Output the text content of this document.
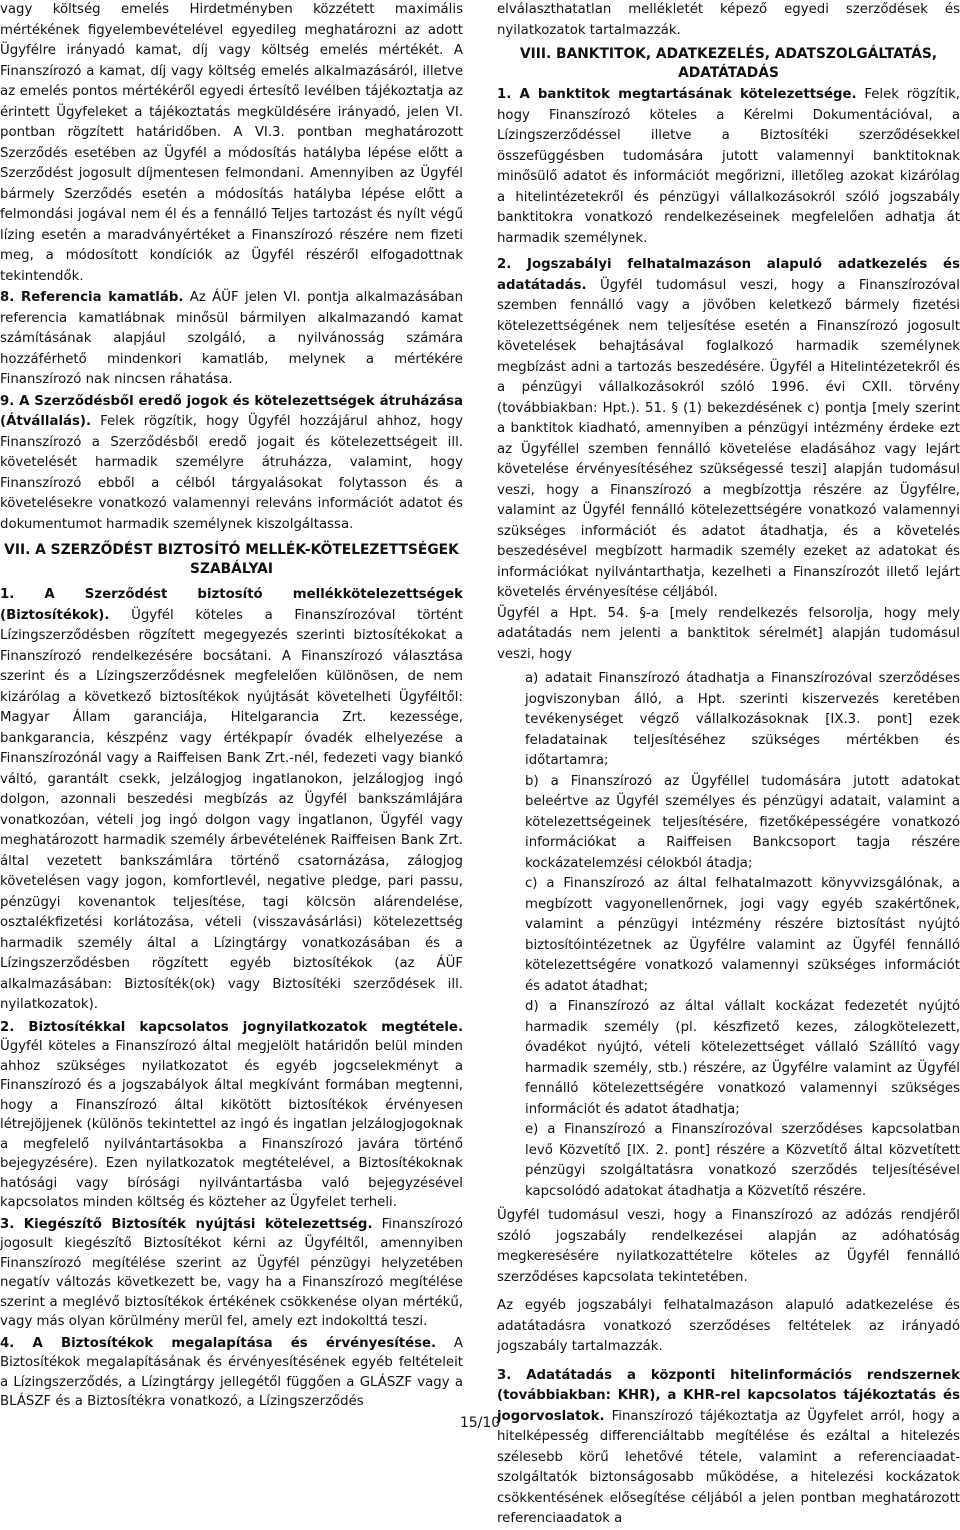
vagy költség emelés Hirdetményben közzétett maximális mértékének figyelembevételével egyedileg meghatározni az adott Ügyfélre irányadó kamat, díj vagy költség emelés mértékét. A Finanszírozó a kamat, díj vagy költség emelés alkalmazásáról, illetve az emelés pontos mértékéről egyedi értesítő levélben tájékoztatja az érintett Ügyfeleket a tájékoztatás megküldésére irányadó, jelen VI. pontban rögzített határidőben. A VI.3. pontban meghatározott Szerződés esetében az Ügyfél a módosítás hatályba lépése előtt a Szerződést jogosult díjmentesen felmondani. Amennyiben az Ügyfél bármely Szerződés esetén a módosítás hatályba lépése előtt a felmondási jogával nem él és a fennálló Teljes tartozást és nyílt végű lízing esetén a maradványértéket a Finanszírozó részére nem fizeti meg, a módosított kondíciók az Ügyfél részéről elfogadottnak tekintendők.

8. Referencia kamatláb. Az ÁÜF jelen VI. pontja alkalmazásában referencia kamatlábnak minősül bármilyen alkalmazandó kamat számításának alapjául szolgáló, a nyilvánosság számára hozzáférhető mindenkori kamatláb, melynek a mértékére Finanszírozó nak nincsen ráhatása.

9. A Szerződésből eredő jogok és kötelezettségek átruházása (Átvállalás). Felek rögzítik, hogy Ügyfél hozzájárul ahhoz, hogy Finanszírozó a Szerződésből eredő jogait és kötelezettségeit ill. követelését harmadik személyre átruházza, valamint, hogy Finanszírozó ebből a célból tárgyalásokat folytasson és a követelésekre vonatkozó valamennyi releváns információt adatot és dokumentumot harmadik személynek kiszolgáltassa.

VII. A SZERZŐDÉST BIZTOSÍTÓ MELLÉK-KÖTELEZETTSÉGEK SZABÁLYAI

1. A Szerződést biztosító mellékkötelezettségek (Biztosítékok). Ügyfél köteles a Finanszírozóval történt Lízingszerződésben rögzített megegyezés szerinti biztosítékokat a Finanszírozó rendelkezésére bocsátani. A Finanszírozó választása szerint és a Lízingszerződésnek megfelelően különösen, de nem kizárólag a következő biztosítékok nyújtását követelheti Ügyféltől: Magyar Állam garanciája, Hitelgarancia Zrt. kezessége, bankgarancia, készpénz vagy értékpapír óvadék elhelyezése a Finanszírozónál vagy a Raiffeisen Bank Zrt.-nél, fedezeti vagy biankó váltó, garantált csekk, jelzálogjog ingatlanokon, jelzálogjog ingó dolgon, azonnali beszedési megbízás az Ügyfél bankszámlájára vonatkozóan, vételi jog ingó dolgon vagy ingatlanon, Ügyfél vagy meghatározott harmadik személy árbevételének Raiffeisen Bank Zrt. által vezetett bankszámlára történő csatornázása, zálogjog követelésen vagy jogon, komfortlevél, negative pledge, pari passu, pénzügyi kovenantok teljesítése, tagi kölcsön alárendelése, osztalékfizetési korlátozása, vételi (visszavásárlási) kötelezettség harmadik személy által a Lízingtárgy vonatkozásában és a Lízingszerződésben rögzített egyéb biztosítékok (az ÁÜF alkalmazásában: Biztosíték(ok) vagy Biztosítéki szerződések ill. nyilatkozatok).

2. Biztosítékkal kapcsolatos jognyilatkozatok megtétele. Ügyfél köteles a Finanszírozó által megjelölt határidőn belül minden ahhoz szükséges nyilatkozatot és egyéb jogcselekményt a Finanszírozó és a jogszabályok által megkívánt formában megtenni, hogy a Finanszírozó által kikötött biztosítékok érvényesen létrejöjjenek (különös tekintettel az ingó és ingatlan jelzálogjogoknak a megfelelő nyilvántartásokba a Finanszírozó javára történő bejegyzésére). Ezen nyilatkozatok megtételével, a Biztosítékoknak hatósági vagy bírósági nyilvántartásba való bejegyzésével kapcsolatos minden költség és közteher az Ügyfelet terheli.

3. Kiegészítő Biztosíték nyújtási kötelezettség. Finanszírozó jogosult kiegészítő Biztosítékot kérni az Ügyféltől, amennyiben Finanszírozó megítélése szerint az Ügyfél pénzügyi helyzetében negatív változás következett be, vagy ha a Finanszírozó megítélése szerint a meglévő biztosítékok értékének csökkenése olyan mértékű, vagy más olyan körülmény merül fel, amely ezt indokolttá teszi.

4. A Biztosítékok megalapítása és érvényesítése. A Biztosítékok megalapításának és érvényesítésének egyéb feltételeit a Lízingszerződés, a Lízingtárgy jellegétől függően a GLÁSZF vagy a BLÁSZF és a Biztosítékra vonatkozó, a Lízingszerződés

elválaszthatatlan mellékletét képező egyedi szerződések és nyilatkozatok tartalmazzák.

VIII. BANKTITOK, ADATKEZELÉS, ADATSZOLGÁLTATÁS, ADATÁTADÁS

1. A banktitok megtartásának kötelezettsége. Felek rögzítik, hogy Finanszírozó köteles a Kérelmi Dokumentációval, a Lízingszerződéssel illetve a Biztosítéki szerződésekkel összefüggésben tudomására jutott valamennyi banktitoknak minősülő adatot és információt megőrizni, illetőleg azokat kizárólag a hitelintézetekről és pénzügyi vállalkozásokról szóló jogszabály banktitokra vonatkozó rendelkezéseinek megfelelően adhatja át harmadik személynek.

2. Jogszabályi felhatalmazáson alapuló adatkezelés és adatátadás. Ügyfél tudomásul veszi, hogy a Finanszírozóval szemben fennálló vagy a jövőben keletkező bármely fizetési kötelezettségének nem teljesítése esetén a Finanszírozó jogosult követelések behajtásával foglalkozó harmadik személynek megbízást adni a tartozás beszedésére. Ügyfél a Hitelintézetekről és a pénzügyi vállalkozásokról szóló 1996. évi CXII. törvény (továbbiakban: Hpt.). 51. § (1) bekezdésének c) pontja [mely szerint a banktitok kiadható, amennyiben a pénzügyi intézmény érdeke ezt az Ügyféllel szemben fennálló követelése eladásához vagy lejárt követelése érvényesítéséhez szükségessé teszi] alapján tudomásul veszi, hogy a Finanszírozó a megbízottja részére az Ügyfélre, valamint az Ügyfél fennálló kötelezettségére vonatkozó valamennyi szükséges információt és adatot átadhatja, és a követelés beszedésével megbízott harmadik személy ezeket az adatokat és információkat nyilvántarthatja, kezelheti a Finanszírozót illető lejárt követelés érvényesítése céljából.

Ügyfél a Hpt. 54. §-a [mely rendelkezés felsorolja, hogy mely adatátadás nem jelenti a banktitok sérelmét] alapján tudomásul veszi, hogy

a) adatait Finanszírozó átadhatja a Finanszírozóval szerződéses jogviszonyban álló, a Hpt. szerinti kiszervezés keretében tevékenységet végző vállalkozásoknak [IX.3. pont] ezek feladatainak teljesítéséhez szükséges mértékben és időtartamra;

b) a Finanszírozó az Ügyféllel tudomására jutott adatokat beleértve az Ügyfél személyes és pénzügyi adatait, valamint a kötelezettségeinek teljesítésére, fizetőképességére vonatkozó információkat a Raiffeisen Bankcsoport tagja részére kockázatelemzési célokból átadja;

c) a Finanszírozó az által felhatalmazott könyvvizsgálónak, a megbízott vagyonellenőrnek, jogi vagy egyéb szakértőnek, valamint a pénzügyi intézmény részére biztosítást nyújtó biztosítóintézetnek az Ügyfélre valamint az Ügyfél fennálló kötelezettségére vonatkozó valamennyi szükséges információt és adatot átadhat;

d) a Finanszírozó az által vállalt kockázat fedezetét nyújtó harmadik személy (pl. készfizető kezes, zálogkötelezett, óvadékot nyújtó, vételi kötelezettséget vállaló Szállító vagy harmadik személy, stb.) részére, az Ügyfélre valamint az Ügyfél fennálló kötelezettségére vonatkozó valamennyi szükséges információt és adatot átadhatja;

e) a Finanszírozó a Finanszírozóval szerződéses kapcsolatban levő Közvetítő [IX. 2. pont] részére a Közvetítő által közvetített pénzügyi szolgáltatásra vonatkozó szerződés teljesítésével kapcsolódó adatokat átadhatja a Közvetítő részére.

Ügyfél tudomásul veszi, hogy a Finanszírozó az adózás rendjéről szóló jogszabály rendelkezései alapján az adóhatóság megkeresésére nyilatkozattételre köteles az Ügyfél fennálló szerződéses kapcsolata tekintetében.

Az egyéb jogszabályi felhatalmazáson alapuló adatkezelése és adatátadásra vonatkozó szerződéses feltételek az irányadó jogszabály tartalmazzák.

3. Adatátadás a központi hitelinformációs rendszernek (továbbiakban: KHR), a KHR-rel kapcsolatos tájékoztatás és jogorvoslatok. Finanszírozó tájékoztatja az Ügyfelet arról, hogy a hitelképesség differenciáltabb megítélése és ezáltal a hitelezés szélesebb körű lehetővé tétele, valamint a referenciaadat-szolgáltatók biztonságosabb működése, a hitelezési kockázatok csökkentésének elősegítése céljából a jelen pontban meghatározott referenciaadatok a

15/10
